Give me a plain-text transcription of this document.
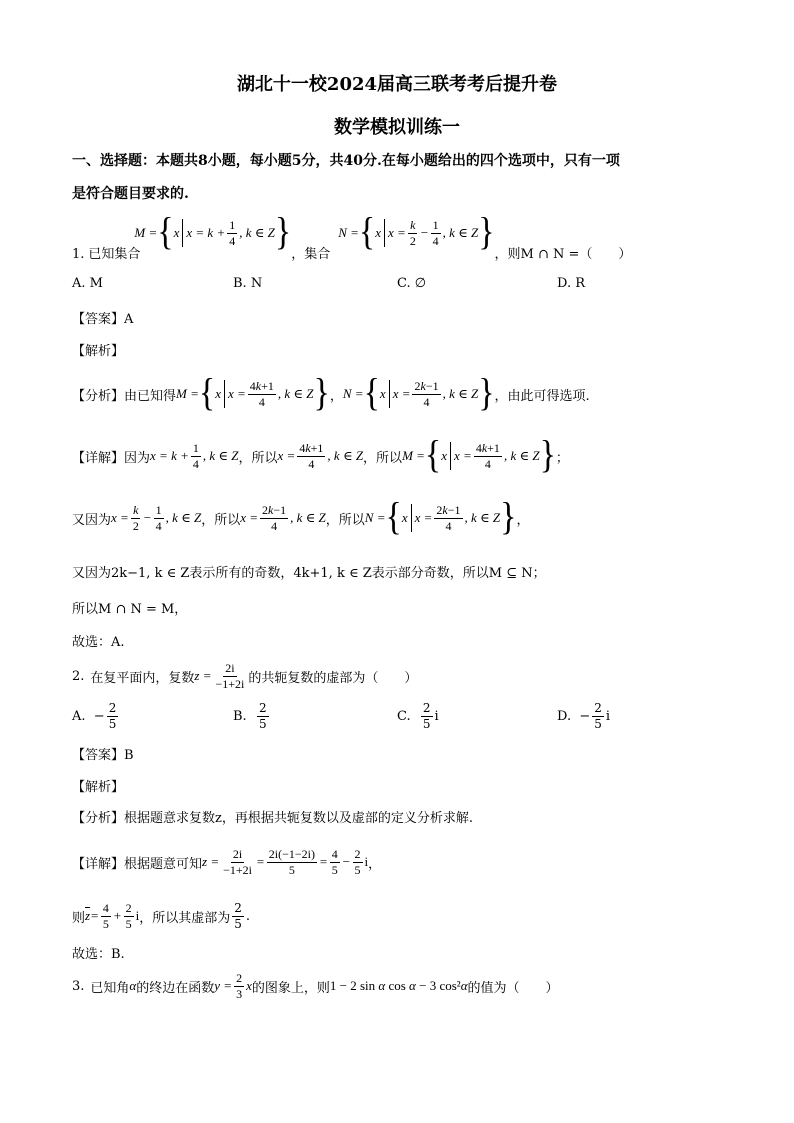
湖北十一校2024届高三联考考后提升卷
数学模拟训练一
一、选择题：本题共8小题，每小题5分，共40分.在每小题给出的四个选项中，只有一项
是符合题目要求的.
1. 已知集合
M = { x $x = k + \frac{1}{4}$ , k ∈ Z }
，集合
N = { x $x = \frac{k}{2} - \frac{1}{4}$ , k ∈ Z }
，则M ∩ N =（　　）
A. M	B. N	C. ∅	D. R
【答案】A
【解析】
【分析】 由已知得 M = { x $x = \frac{4k+1}{4}$ , k ∈ Z } ， N = { x $x = \frac{2k-1}{4}$ , k ∈ Z } ，由此可得选项.
【详解】 因为 $x = k + \frac{1}{4}$ , k ∈ Z ，所以 $x = \frac{4k+1}{4}$ , k ∈ Z ，所以 M = { x $x = \frac{4k+1}{4}$ , k ∈ Z } ；
又因为 $x = \frac{k}{2} - \frac{1}{4}$ , k ∈ Z ，所以 $x = \frac{2k-1}{4}$ , k ∈ Z ，所以 N = { x $x = \frac{2k-1}{4}$ , k ∈ Z } ，
又因为2k−1, k ∈ Z表示所有的奇数，4k+1, k ∈ Z表示部分奇数，所以M ⊆ N；
所以M ∩ N = M，
故选：A.
2. 在复平面内，复数 $z = \frac{2i}{-1+2i}$ 的共轭复数的虚部为（　　）
A.  − $\frac{2}{5}$	B. $\frac{2}{5}$	C. $\frac{2}{5}$ i	D.  − $\frac{2}{5}$ i
【答案】B
【解析】
【分析】根据题意求复数z，再根据共轭复数以及虚部的定义分析求解.
【详解】 根据题意可知 $z = \frac{2i}{-1+2i} = \frac{2i(-1-2i)}{5} = \frac{4}{5} - \frac{2}{5}$ i ，
则 $\overline{z} = \frac{4}{5} + \frac{2}{5}$ i ，所以其虚部为 $\frac{2}{5}$ .
故选：B.
3. 已知角 α 的终边在函数 $y = \frac{2}{3}$ x 的图象上，则 1 − 2 sin α cos α − 3 cos²α 的值为（　　）
